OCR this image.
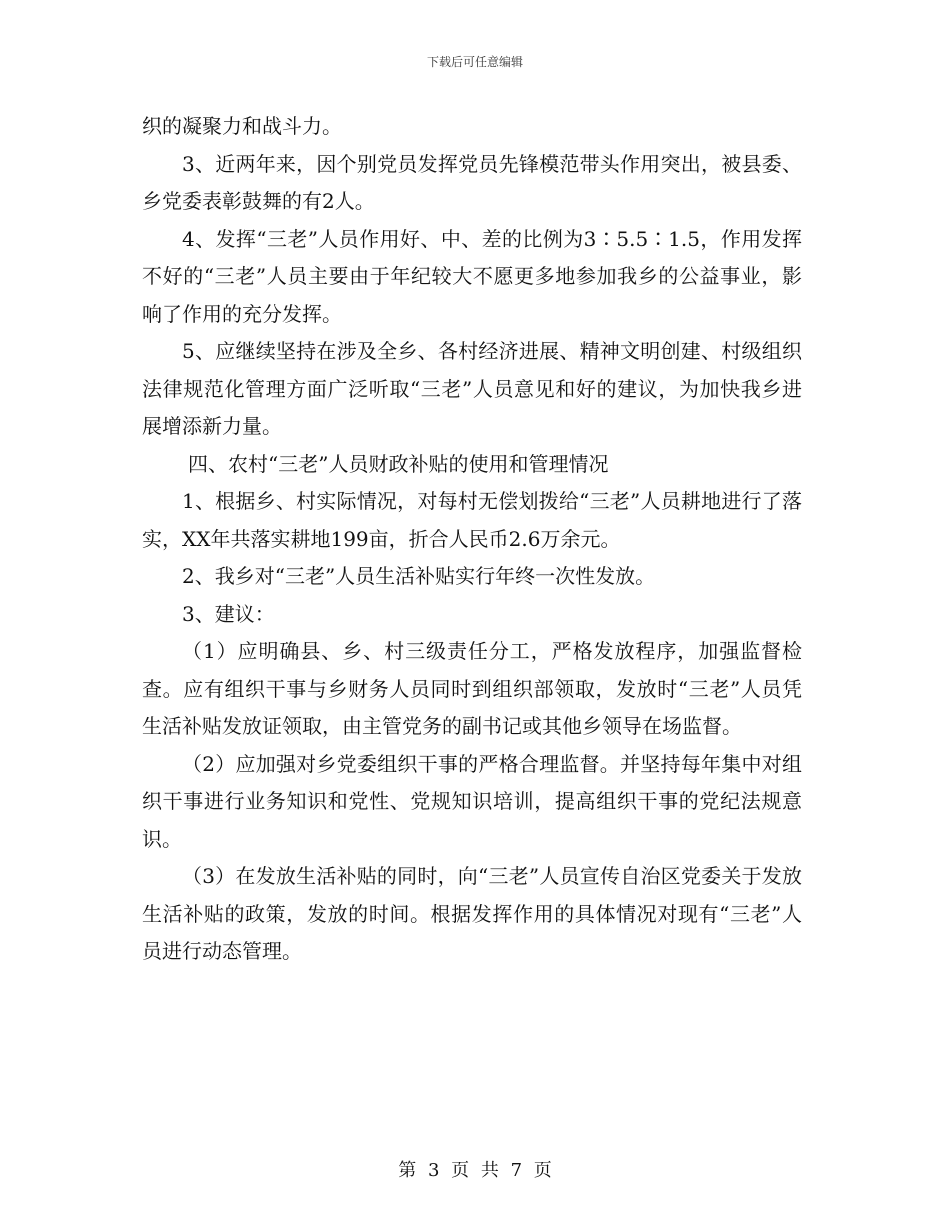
下载后可任意编辑

织的凝聚力和战斗力。

3、近两年来，因个别党员发挥党员先锋模范带头作用突出，被县委、乡党委表彰鼓舞的有2人。

4、发挥“三老”人员作用好、中、差的比例为3∶5.5∶1.5，作用发挥不好的“三老”人员主要由于年纪较大不愿更多地参加我乡的公益事业，影响了作用的充分发挥。

5、应继续坚持在涉及全乡、各村经济进展、精神文明创建、村级组织法律规范化管理方面广泛听取“三老”人员意见和好的建议，为加快我乡进展增添新力量。

四、农村“三老”人员财政补贴的使用和管理情况

1、根据乡、村实际情况，对每村无偿划拨给“三老”人员耕地进行了落实，XX年共落实耕地199亩，折合人民币2.6万余元。

2、我乡对“三老”人员生活补贴实行年终一次性发放。

3、建议：

（1）应明确县、乡、村三级责任分工，严格发放程序，加强监督检查。应有组织干事与乡财务人员同时到组织部领取，发放时“三老”人员凭生活补贴发放证领取，由主管党务的副书记或其他乡领导在场监督。

（2）应加强对乡党委组织干事的严格合理监督。并坚持每年集中对组织干事进行业务知识和党性、党规知识培训，提高组织干事的党纪法规意识。

（3）在发放生活补贴的同时，向“三老”人员宣传自治区党委关于发放生活补贴的政策，发放的时间。根据发挥作用的具体情况对现有“三老”人员进行动态管理。

第 3 页 共 7 页
